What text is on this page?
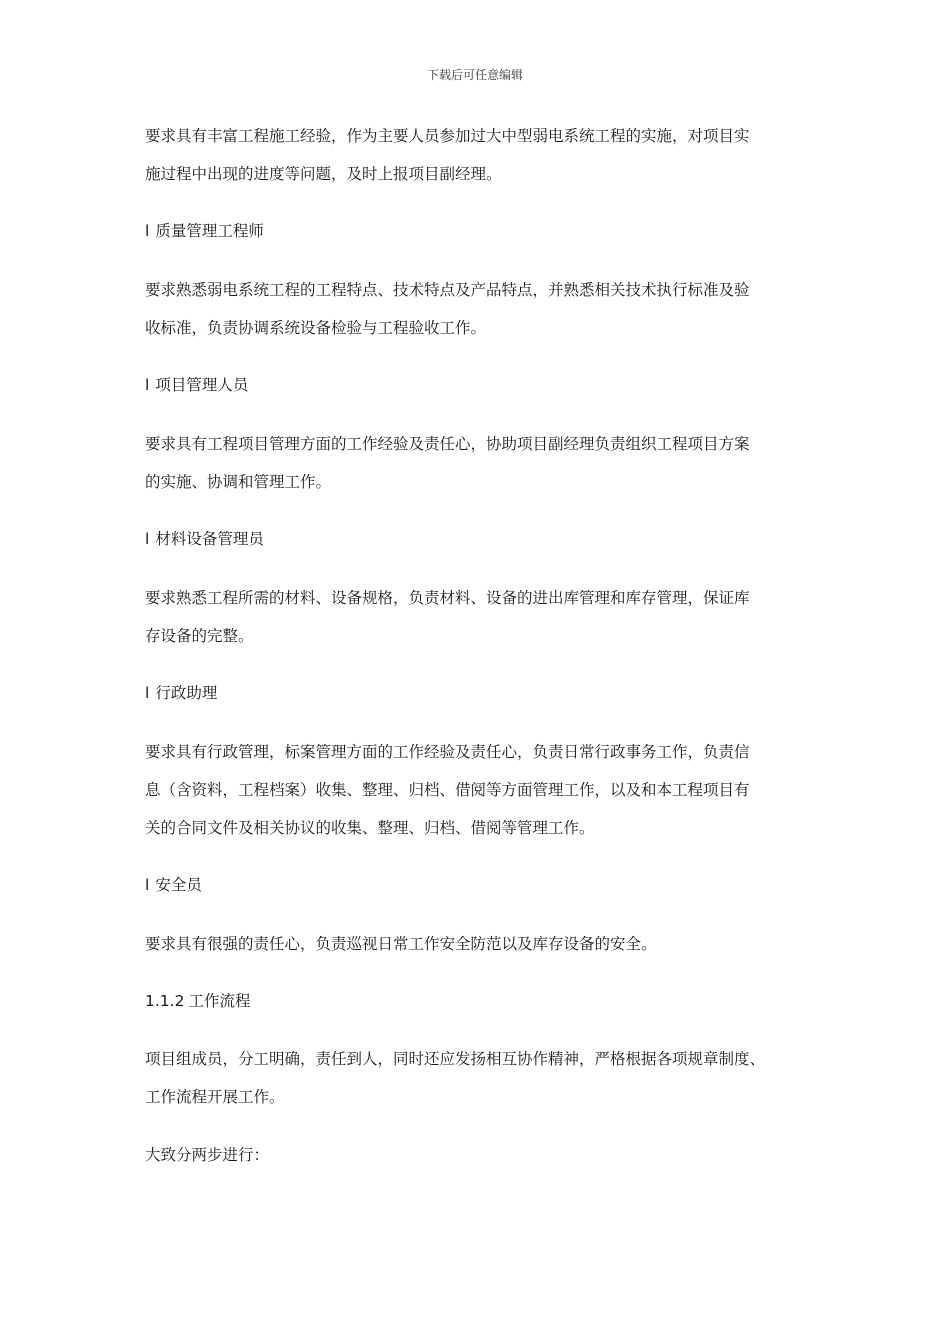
下载后可任意编辑
要求具有丰富工程施工经验，作为主要人员参加过大中型弱电系统工程的实施，对项目实
施过程中出现的进度等问题，及时上报项目副经理。
l 质量管理工程师
要求熟悉弱电系统工程的工程特点、技术特点及产品特点，并熟悉相关技术执行标准及验
收标准，负责协调系统设备检验与工程验收工作。
l 项目管理人员
要求具有工程项目管理方面的工作经验及责任心，协助项目副经理负责组织工程项目方案
的实施、协调和管理工作。
l 材料设备管理员
要求熟悉工程所需的材料、设备规格，负责材料、设备的进出库管理和库存管理，保证库
存设备的完整。
l 行政助理
要求具有行政管理，标案管理方面的工作经验及责任心，负责日常行政事务工作，负责信
息（含资料，工程档案）收集、整理、归档、借阅等方面管理工作，以及和本工程项目有
关的合同文件及相关协议的收集、整理、归档、借阅等管理工作。
l 安全员
要求具有很强的责任心，负责巡视日常工作安全防范以及库存设备的安全。
1.1.2 工作流程
项目组成员，分工明确，责任到人，同时还应发扬相互协作精神，严格根据各项规章制度、
工作流程开展工作。
大致分两步进行：
